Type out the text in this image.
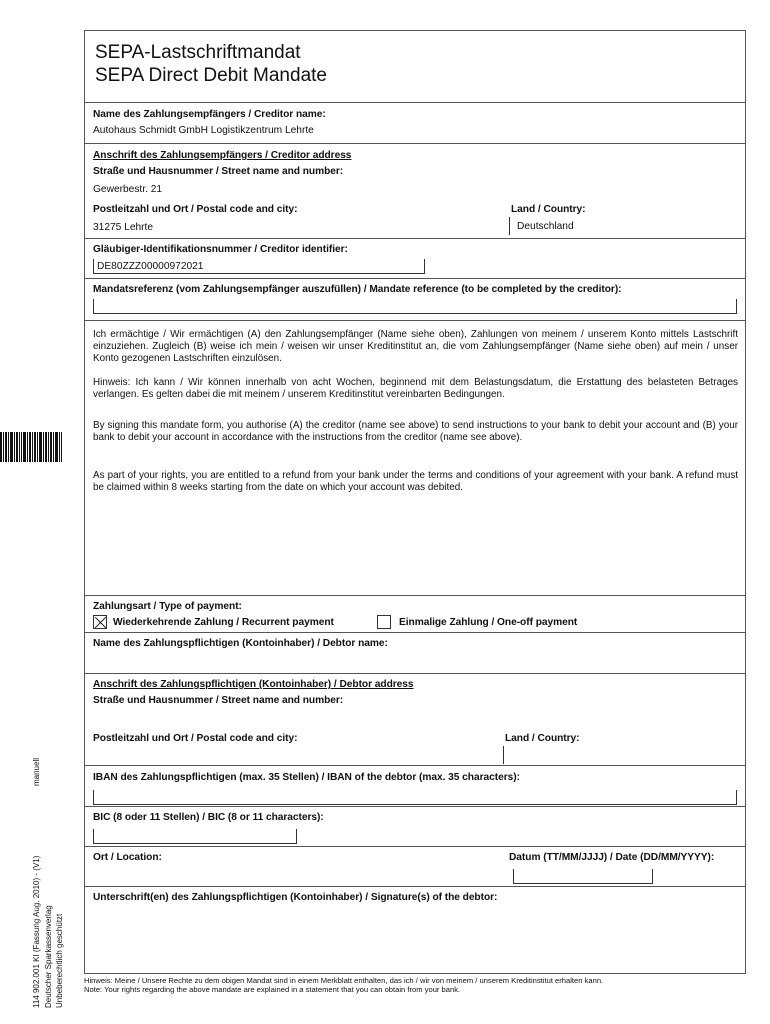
manuell
114 902.001 KI (Fassung Aug. 2010) - (V1) Deutscher Sparkassenverlag Unbeberechtlich geschützt
SEPA-Lastschriftmandat
SEPA Direct Debit Mandate
Name des Zahlungsempfängers / Creditor name:
Autohaus Schmidt GmbH Logistikzentrum Lehrte
Anschrift des Zahlungsempfängers / Creditor address
Straße und Hausnummer / Street name and number:
Gewerbestr. 21
Postleitzahl und Ort / Postal code and city:
31275 Lehrte
Land / Country:
Deutschland
Gläubiger-Identifikationsnummer / Creditor identifier:
DE80ZZZ00000972021
Mandatsreferenz (vom Zahlungsempfänger auszufüllen) / Mandate reference (to be completed by the creditor):
Ich ermächtige / Wir ermächtigen (A) den Zahlungsempfänger (Name siehe oben), Zahlungen von meinem / unserem Konto mittels Lastschrift einzuziehen. Zugleich (B) weise ich mein / weisen wir unser Kreditinstitut an, die vom Zahlungsempfänger (Name siehe oben) auf mein / unser Konto gezogenen Lastschriften einzulösen.
Hinweis: Ich kann / Wir können innerhalb von acht Wochen, beginnend mit dem Belastungsdatum, die Erstattung des belasteten Betrages verlangen. Es gelten dabei die mit meinem / unserem Kreditinstitut vereinbarten Bedingungen.
By signing this mandate form, you authorise (A) the creditor (name see above) to send instructions to your bank to debit your account and (B) your bank to debit your account in accordance with the instructions from the creditor (name see above).
As part of your rights, you are entitled to a refund from your bank under the terms and conditions of your agreement with your bank. A refund must be claimed within 8 weeks starting from the date on which your account was debited.
Zahlungsart / Type of payment:
Wiederkehrende Zahlung / Recurrent payment	Einmalige Zahlung / One-off payment
Name des Zahlungspflichtigen (Kontoinhaber) / Debtor name:
Anschrift des Zahlungspflichtigen (Kontoinhaber) / Debtor address
Straße und Hausnummer / Street name and number:
Postleitzahl und Ort / Postal code and city:	Land / Country:
IBAN des Zahlungspflichtigen (max. 35 Stellen) / IBAN of the debtor (max. 35 characters):
BIC (8 oder 11 Stellen) / BIC (8 or 11 characters):
Ort / Location:	Datum (TT/MM/JJJJ) / Date (DD/MM/YYYY):
Unterschrift(en) des Zahlungspflichtigen (Kontoinhaber) / Signature(s) of the debtor:
Hinweis: Meine / Unsere Rechte zu dem obigen Mandat sind in einem Merkblatt enthalten, das ich / wir von meinem / unserem Kreditinstitut erhalten kann.
Note: Your rights regarding the above mandate are explained in a statement that you can obtain from your bank.
